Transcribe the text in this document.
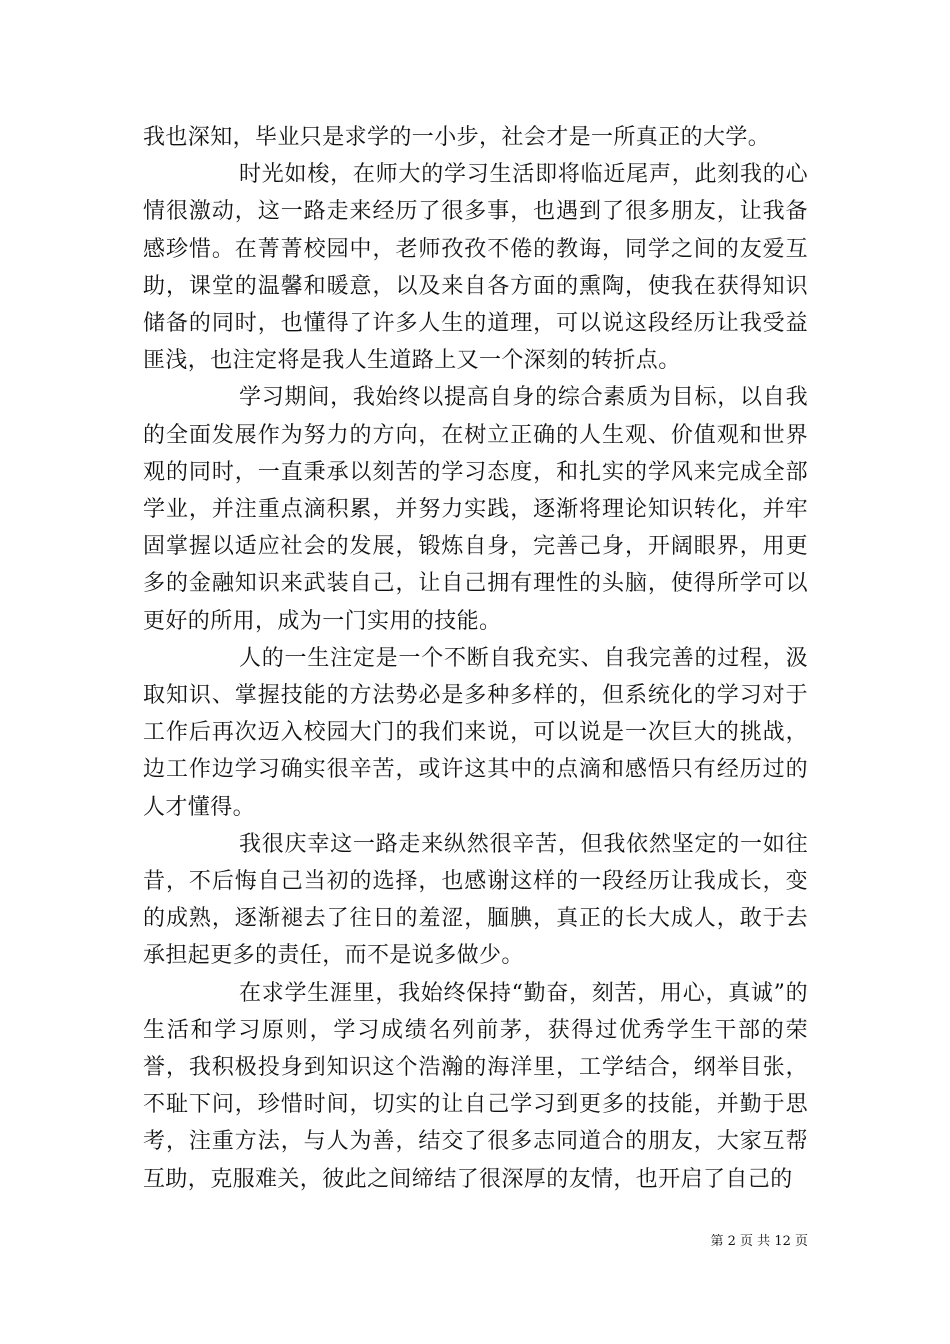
我也深知，毕业只是求学的一小步，社会才是一所真正的大学。

时光如梭，在师大的学习生活即将临近尾声，此刻我的心情很激动，这一路走来经历了很多事，也遇到了很多朋友，让我备感珍惜。在菁菁校园中，老师孜孜不倦的教诲，同学之间的友爱互助，课堂的温馨和暖意，以及来自各方面的熏陶，使我在获得知识储备的同时，也懂得了许多人生的道理，可以说这段经历让我受益匪浅，也注定将是我人生道路上又一个深刻的转折点。

学习期间，我始终以提高自身的综合素质为目标，以自我的全面发展作为努力的方向，在树立正确的人生观、价值观和世界观的同时，一直秉承以刻苦的学习态度，和扎实的学风来完成全部学业，并注重点滴积累，并努力实践，逐渐将理论知识转化，并牢固掌握以适应社会的发展，锻炼自身，完善己身，开阔眼界，用更多的金融知识来武装自己，让自己拥有理性的头脑，使得所学可以更好的所用，成为一门实用的技能。

人的一生注定是一个不断自我充实、自我完善的过程，汲取知识、掌握技能的方法势必是多种多样的，但系统化的学习对于工作后再次迈入校园大门的我们来说，可以说是一次巨大的挑战，边工作边学习确实很辛苦，或许这其中的点滴和感悟只有经历过的人才懂得。

我很庆幸这一路走来纵然很辛苦，但我依然坚定的一如往昔，不后悔自己当初的选择，也感谢这样的一段经历让我成长，变的成熟，逐渐褪去了往日的羞涩，腼腆，真正的长大成人，敢于去承担起更多的责任，而不是说多做少。

在求学生涯里，我始终保持“勤奋，刻苦，用心，真诚”的生活和学习原则，学习成绩名列前茅，获得过优秀学生干部的荣誉，我积极投身到知识这个浩瀚的海洋里，工学结合，纲举目张，不耻下问，珍惜时间，切实的让自己学习到更多的技能，并勤于思考，注重方法，与人为善，结交了很多志同道合的朋友，大家互帮互助，克服难关，彼此之间缔结了很深厚的友情，也开启了自己的

第 2 页 共 12 页
